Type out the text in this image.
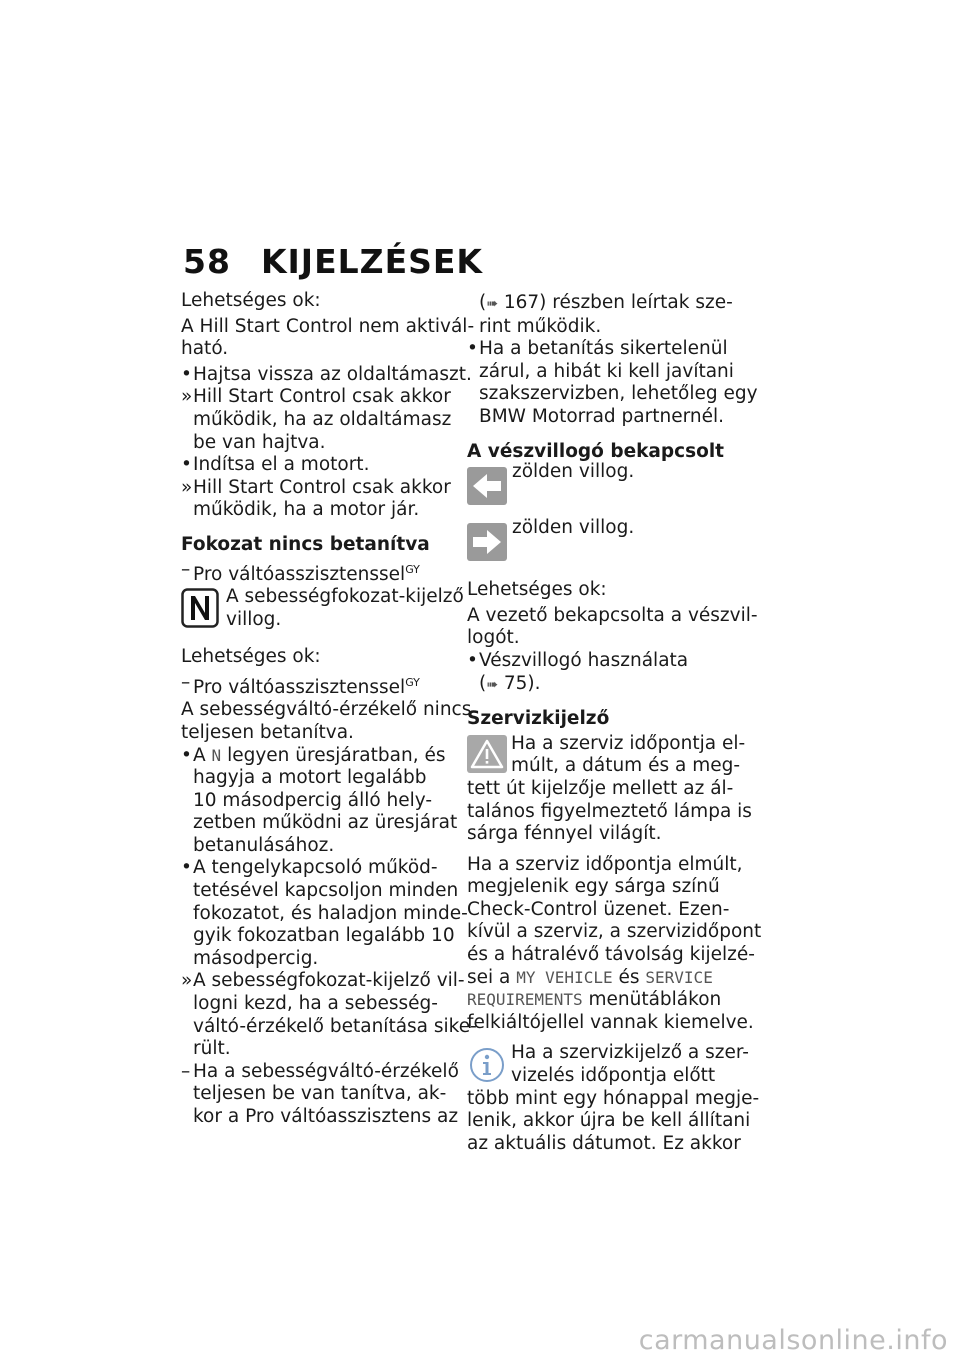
58 KIJELZÉSEK
Lehetséges ok:
A Hill Start Control nem aktivál-
ható.
• Hajtsa vissza az oldaltámaszt.
» Hill Start Control csak akkor
működik, ha az oldaltámasz
be van hajtva.
• Indítsa el a motort.
» Hill Start Control csak akkor
működik, ha a motor jár.
Fokozat nincs betanítva
– Pro váltóasszisztenssel$^{GY}$
A sebességfokozat-kijelző
villog.
Lehetséges ok:
– Pro váltóasszisztenssel$^{GY}$
A sebességváltó-érzékelő nincs
teljesen betanítva.
• A N legyen üresjáratban, és
hagyja a motort legalább
10 másodpercig álló hely-
zetben működni az üresjárat
betanulásához.
• A tengelykapcsoló működ-
tetésével kapcsoljon minden
fokozatot, és haladjon minde-
gyik fokozatban legalább 10
másodpercig.
» A sebességfokozat-kijelző vil-
logni kezd, ha a sebesség-
váltó-érzékelő betanítása sike-
rült.
– Ha a sebességváltó-érzékelő
teljesen be van tanítva, ak-
kor a Pro váltóasszisztens az
(➠ 167) részben leírtak sze-
rint működik.
• Ha a betanítás sikertelenül
zárul, a hibát ki kell javítani
szakszervizben, lehetőleg egy
BMW Motorrad partnernél.
A vészvillogó bekapcsolt
zölden villog.
zölden villog.
Lehetséges ok:
A vezető bekapcsolta a vészvil-
logót.
• Vészvillogó használata
(➠ 75).
Szervizkijelző
Ha a szerviz időpontja el-
múlt, a dátum és a meg-
tett út kijelzője mellett az ál-
talános figyelmeztető lámpa is
sárga fénnyel világít.
Ha a szerviz időpontja elmúlt,
megjelenik egy sárga színű
Check-Control üzenet. Ezen-
kívül a szerviz, a szervizidőpont
és a hátralévő távolság kijelzé-
sei a MY VEHICLE és SERVICE
REQUIREMENTS menütáblákon
felkiáltójellel vannak kiemelve.
Ha a szervizkijelző a szer-
vizelés időpontja előtt
több mint egy hónappal megje-
lenik, akkor újra be kell állítani
az aktuális dátumot. Ez akkor
carmanualsonline.info
